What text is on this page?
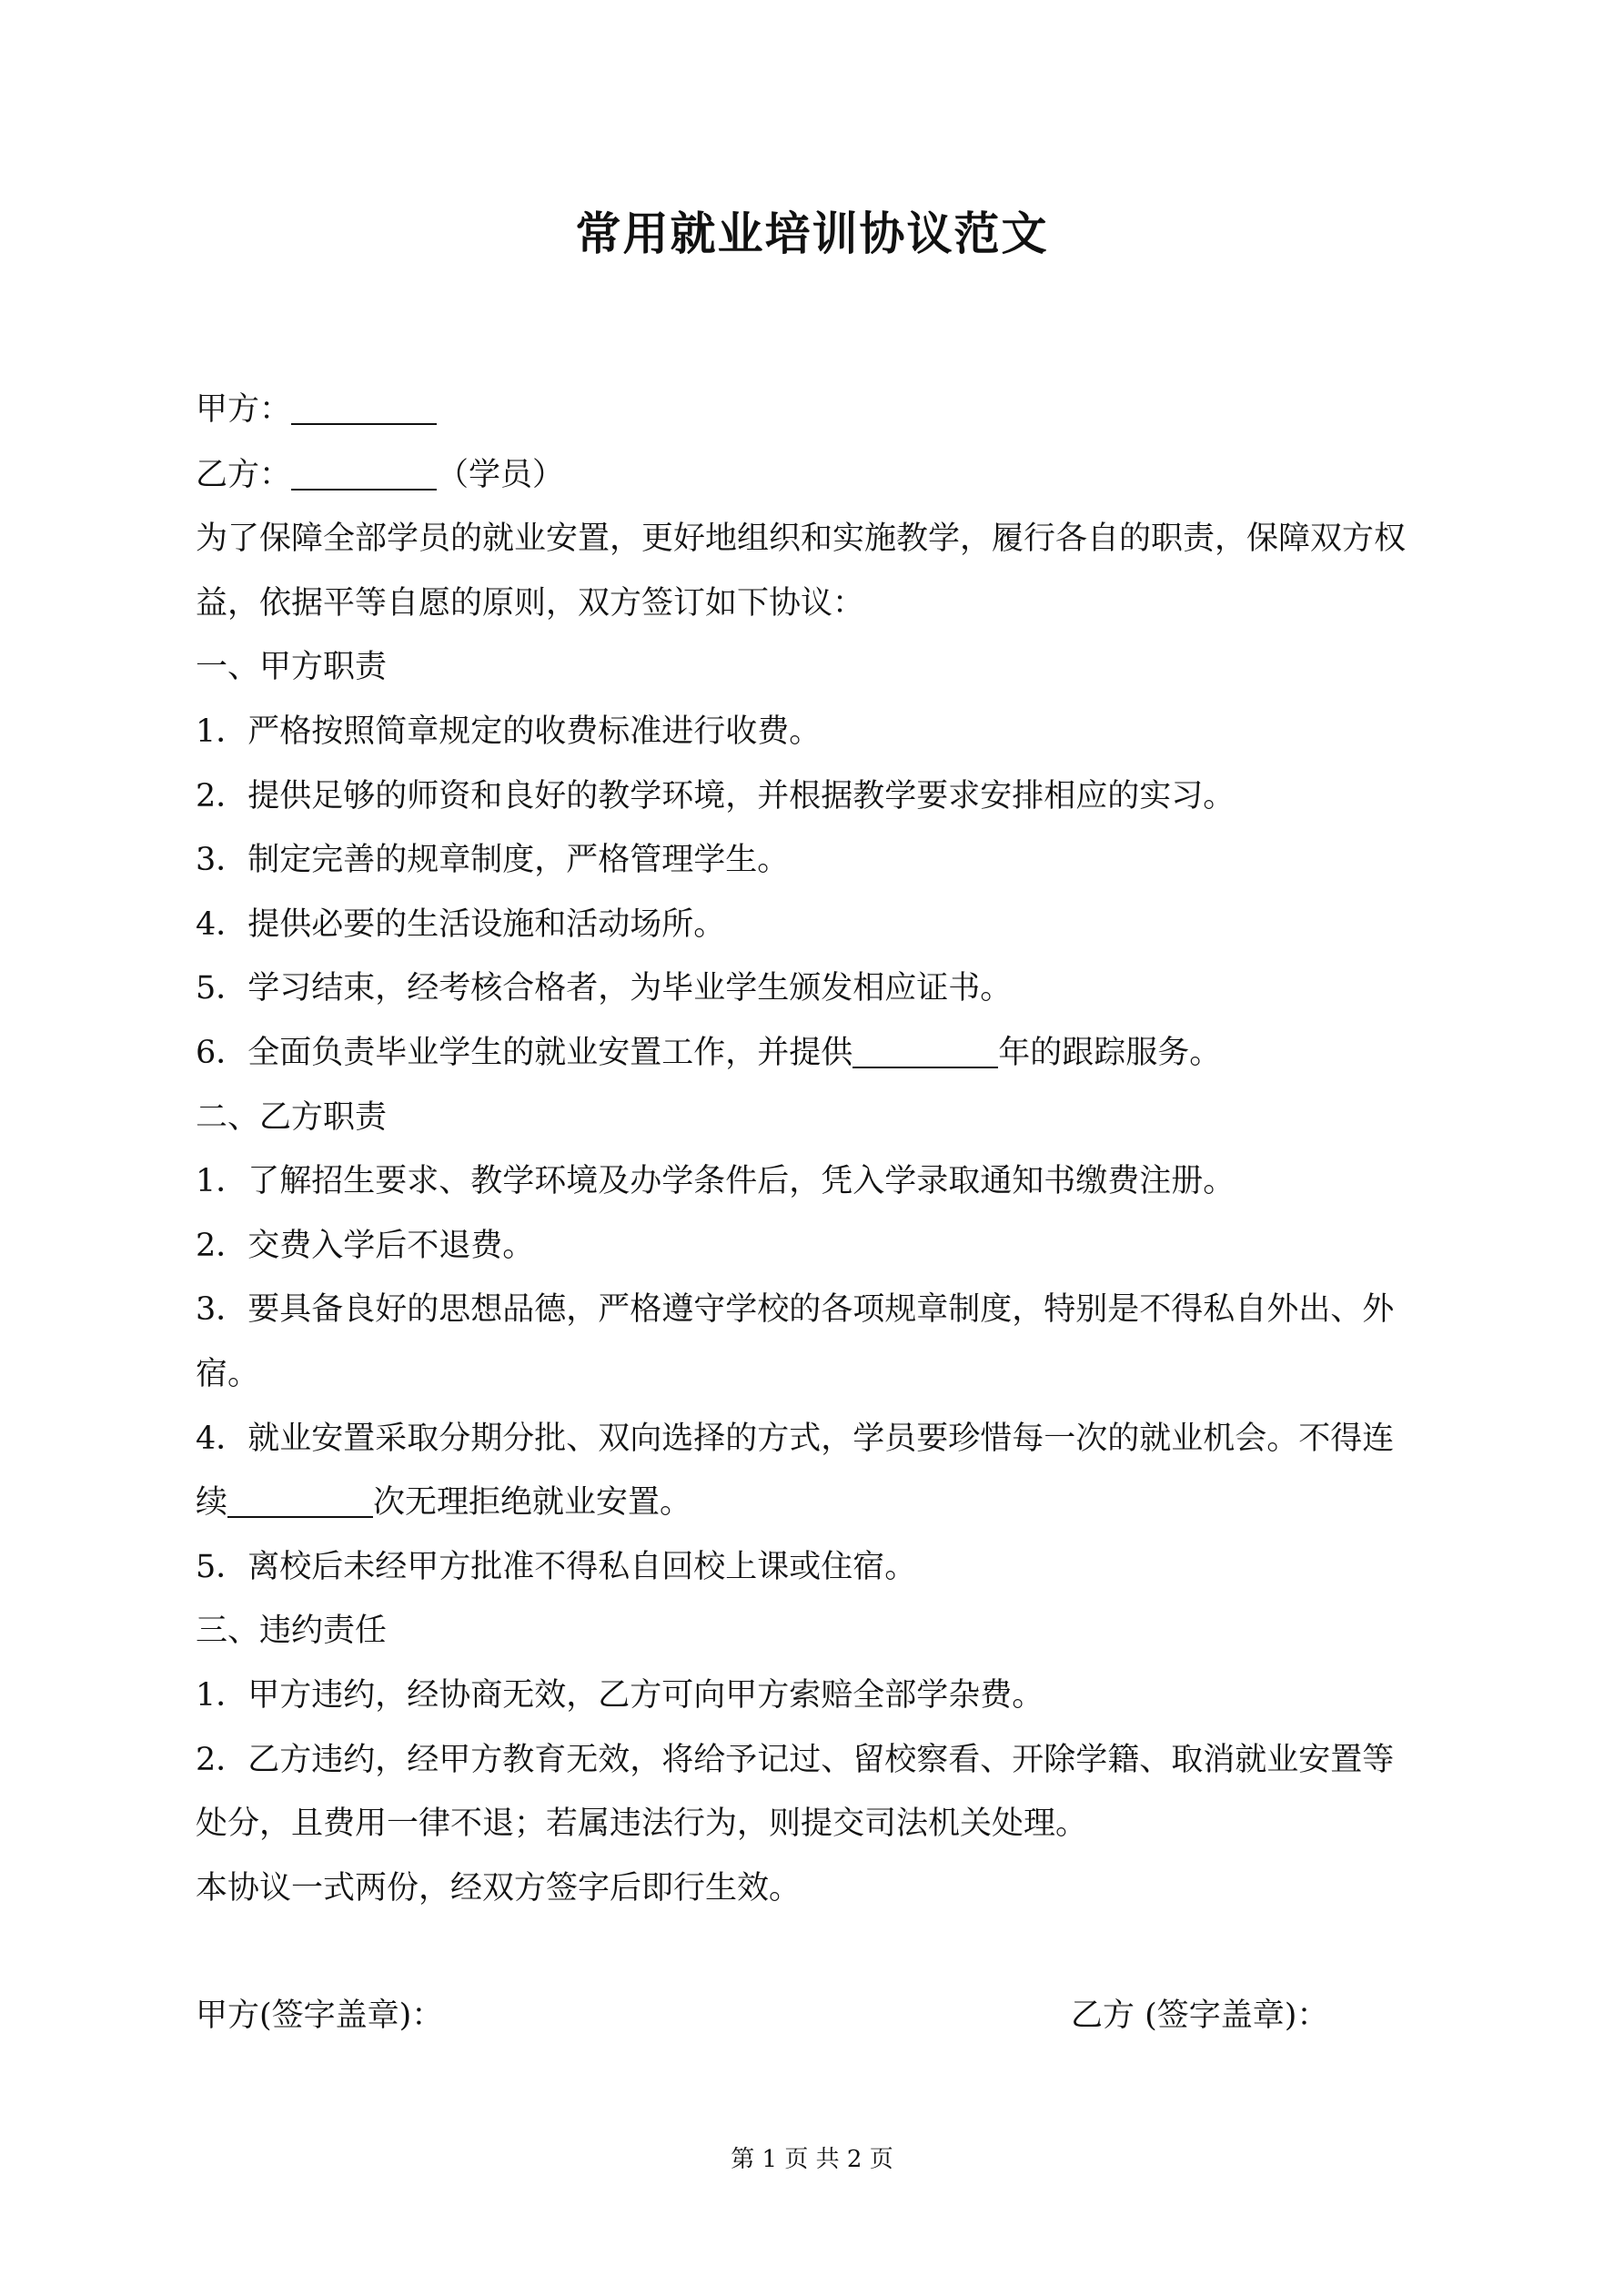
常用就业培训协议范文
甲方：
乙方：	（学员）
为了保障全部学员的就业安置，更好地组织和实施教学，履行各自的职责，保障双方权
益，依据平等自愿的原则，双方签订如下协议：
一、甲方职责
1．严格按照简章规定的收费标准进行收费。
2．提供足够的师资和良好的教学环境，并根据教学要求安排相应的实习。
3．制定完善的规章制度，严格管理学生。
4．提供必要的生活设施和活动场所。
5．学习结束，经考核合格者，为毕业学生颁发相应证书。
6．全面负责毕业学生的就业安置工作，并提供	年的跟踪服务。
二、乙方职责
1．了解招生要求、教学环境及办学条件后，凭入学录取通知书缴费注册。
2．交费入学后不退费。
3．要具备良好的思想品德，严格遵守学校的各项规章制度，特别是不得私自外出、外
宿。
4．就业安置采取分期分批、双向选择的方式，学员要珍惜每一次的就业机会。不得连
续	次无理拒绝就业安置。
5．离校后未经甲方批准不得私自回校上课或住宿。
三、违约责任
1．甲方违约，经协商无效，乙方可向甲方索赔全部学杂费。
2．乙方违约，经甲方教育无效，将给予记过、留校察看、开除学籍、取消就业安置等
处分，且费用一律不退；若属违法行为，则提交司法机关处理。
本协议一式两份，经双方签字后即行生效。
甲方(签字盖章)：	乙方 (签字盖章)：
第 1 页 共 2 页
